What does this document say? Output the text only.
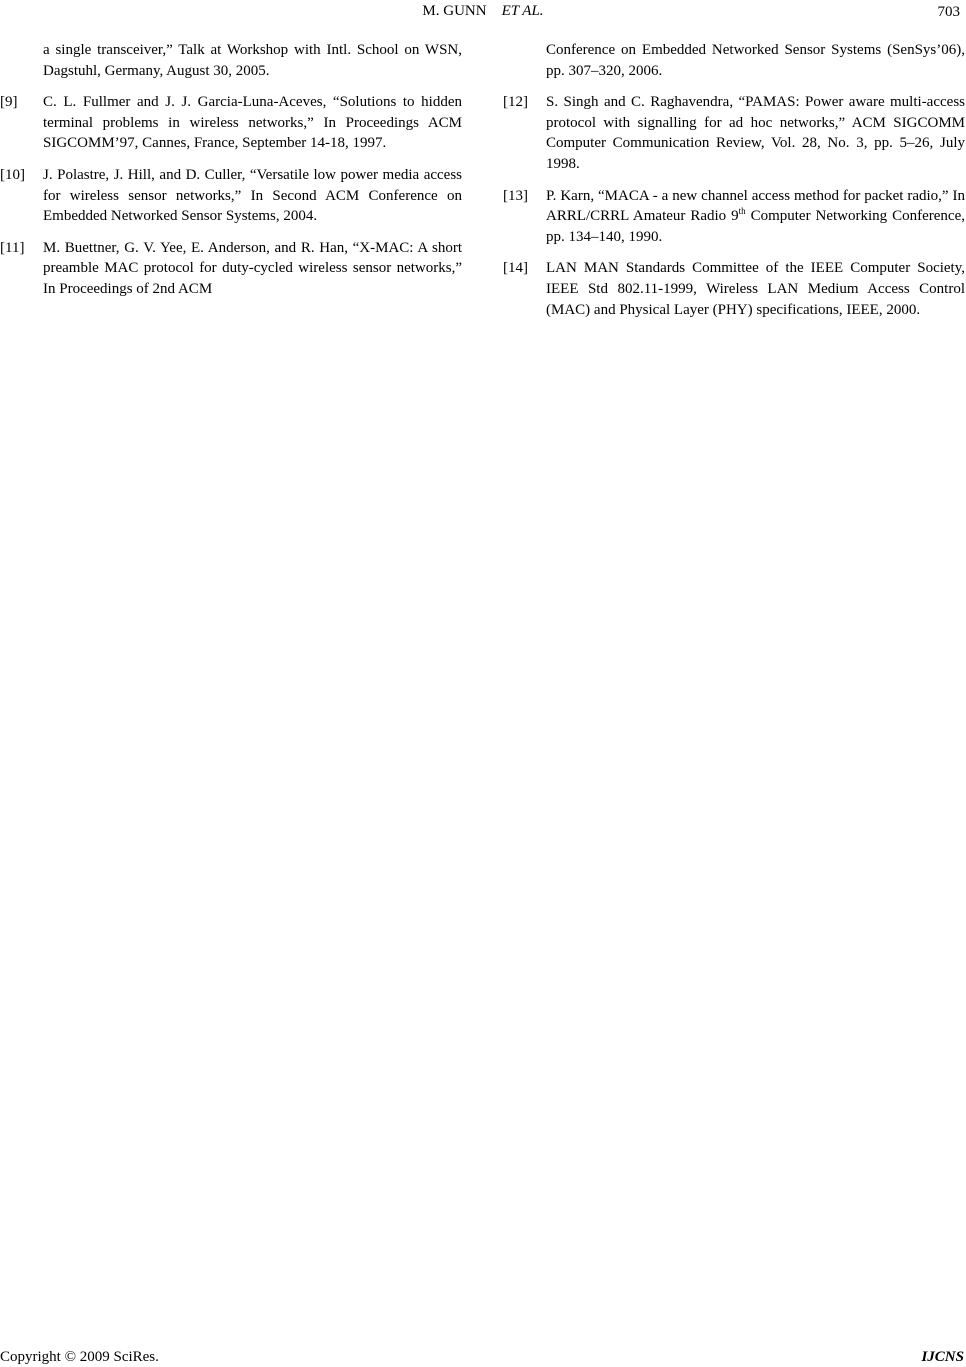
M. GUNN ET AL.	703
a single transceiver,” Talk at Workshop with Intl. School on WSN, Dagstuhl, Germany, August 30, 2005.
[9] C. L. Fullmer and J. J. Garcia-Luna-Aceves, “Solutions to hidden terminal problems in wireless networks,” In Proceedings ACM SIGCOMM’97, Cannes, France, September 14-18, 1997.
[10] J. Polastre, J. Hill, and D. Culler, “Versatile low power media access for wireless sensor networks,” In Second ACM Conference on Embedded Networked Sensor Systems, 2004.
[11] M. Buettner, G. V. Yee, E. Anderson, and R. Han, “X-MAC: A short preamble MAC protocol for duty-cycled wireless sensor networks,” In Proceedings of 2nd ACM
Conference on Embedded Networked Sensor Systems (SenSys’06), pp. 307–320, 2006.
[12] S. Singh and C. Raghavendra, “PAMAS: Power aware multi-access protocol with signalling for ad hoc networks,” ACM SIGCOMM Computer Communication Review, Vol. 28, No. 3, pp. 5–26, July 1998.
[13] P. Karn, “MACA - a new channel access method for packet radio,” In ARRL/CRRL Amateur Radio 9th Computer Networking Conference, pp. 134–140, 1990.
[14] LAN MAN Standards Committee of the IEEE Computer Society, IEEE Std 802.11-1999, Wireless LAN Medium Access Control (MAC) and Physical Layer (PHY) specifications, IEEE, 2000.
Copyright © 2009 SciRes.	IJCNS
